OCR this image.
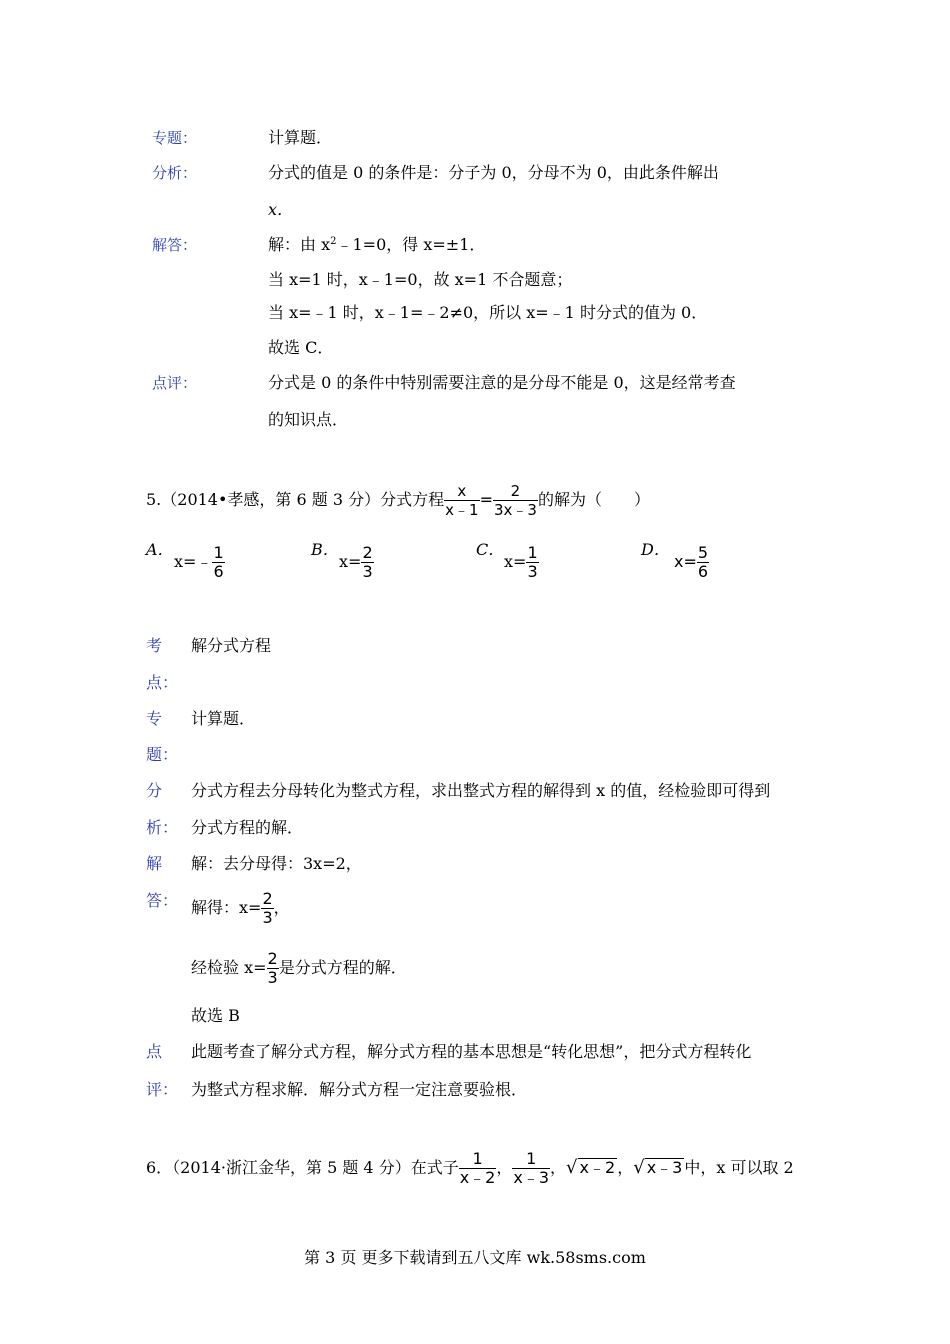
专题：	计算题．
分析：	分式的值是 0 的条件是：分子为 0，分母不为 0，由此条件解出
x．
解答：	解：由 $x^2﹣1=0$，得 x=±1．
当 x=1 时，x﹣1=0，故 x=1 不合题意；
当 x=﹣1 时，x﹣1=﹣2≠0，所以 x=﹣1 时分式的值为 0．
故选 C．
点评：	分式是 0 的条件中特别需要注意的是分母不能是 0，这是经常考查
的知识点．
5.（2014•孝感，第 6 题 3 分）分式方程 $\frac{x}{x﹣1} = \frac{2}{3x﹣3}$ 的解为（　　）
A．
x=﹣ $\frac{1}{6}$	B．
$x= \frac{2}{3}$	C．
$x= \frac{1}{3}$	D．
$x= \frac{5}{6}$
考
点：
解分式方程
专
题：
计算题．
分
析：
分式方程去分母转化为整式方程，求出整式方程的解得到 x 的值，经检验即可得到
分式方程的解．
解
答：
解：去分母得：3x=2，
解得：$x= \frac{2}{3}$ ，
经检验 $x= \frac{2}{3}$ 是分式方程的解．
故选 B
点
评：
此题考查了解分式方程，解分式方程的基本思想是“转化思想”，把分式方程转化
为整式方程求解．解分式方程一定注意要验根．
6．（2014·浙江金华，第 5 题 4 分）在式子 $\frac{1}{x﹣2}$ ， $\frac{1}{x﹣3}$ ，√ x﹣2 ，√ x﹣3 中，x 可以取 2
第 3 页 更多下载请到五八文库 wk.58sms.com
